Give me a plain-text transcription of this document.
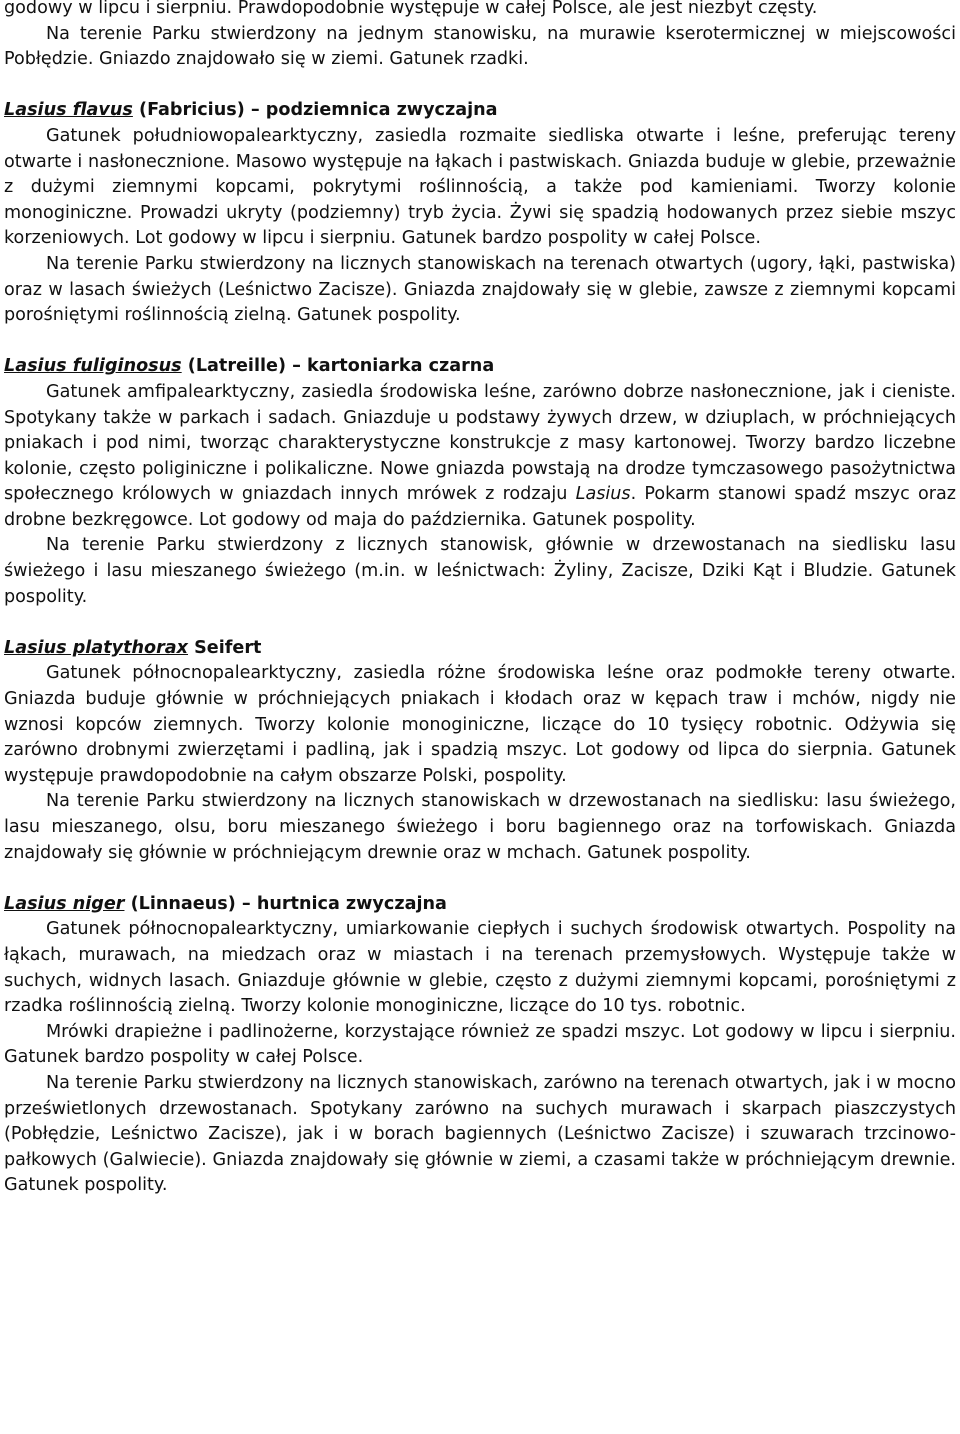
godowy w lipcu i sierpniu. Prawdopodobnie występuje w całej Polsce, ale jest niezbyt częsty.

Na terenie Parku stwierdzony na jednym stanowisku, na murawie kserotermicznej w miejscowości Pobłędzie. Gniazdo znajdowało się w ziemi. Gatunek rzadki.

Lasius flavus (Fabricius) – podziemnica zwyczajna

Gatunek południowopalearktyczny, zasiedla rozmaite siedliska otwarte i leśne, preferując tereny otwarte i nasłonecznione. Masowo występuje na łąkach i pastwiskach. Gniazda buduje w glebie, przeważnie z dużymi ziemnymi kopcami, pokrytymi roślinnością, a także pod kamieniami. Tworzy kolonie monoginiczne. Prowadzi ukryty (podziemny) tryb życia. Żywi się spadzią hodowanych przez siebie mszyc korzeniowych. Lot godowy w lipcu i sierpniu. Gatunek bardzo pospolity w całej Polsce.

Na terenie Parku stwierdzony na licznych stanowiskach na terenach otwartych (ugory, łąki, pastwiska) oraz w lasach świeżych (Leśnictwo Zacisze). Gniazda znajdowały się w glebie, zawsze z ziemnymi kopcami porośniętymi roślinnością zielną. Gatunek pospolity.

Lasius fuliginosus (Latreille) – kartoniarka czarna

Gatunek amfipalearktyczny, zasiedla środowiska leśne, zarówno dobrze nasłonecznione, jak i cieniste. Spotykany także w parkach i sadach. Gniazduje u podstawy żywych drzew, w dziuplach, w próchniejących pniakach i pod nimi, tworząc charakterystyczne konstrukcje z masy kartonowej. Tworzy bardzo liczebne kolonie, często poliginiczne i polikaliczne. Nowe gniazda powstają na drodze tymczasowego pasożytnictwa społecznego królowych w gniazdach innych mrówek z rodzaju Lasius. Pokarm stanowi spadź mszyc oraz drobne bezkręgowce. Lot godowy od maja do października. Gatunek pospolity.

Na terenie Parku stwierdzony z licznych stanowisk, głównie w drzewostanach na siedlisku lasu świeżego i lasu mieszanego świeżego (m.in. w leśnictwach: Żyliny, Zacisze, Dziki Kąt i Bludzie. Gatunek pospolity.

Lasius platythorax Seifert

Gatunek północnopalearktyczny, zasiedla różne środowiska leśne oraz podmokłe tereny otwarte. Gniazda buduje głównie w próchniejących pniakach i kłodach oraz w kępach traw i mchów, nigdy nie wznosi kopców ziemnych. Tworzy kolonie monoginiczne, liczące do 10 tysięcy robotnic. Odżywia się zarówno drobnymi zwierzętami i padliną, jak i spadzią mszyc. Lot godowy od lipca do sierpnia. Gatunek występuje prawdopodobnie na całym obszarze Polski, pospolity.

Na terenie Parku stwierdzony na licznych stanowiskach w drzewostanach na siedlisku: lasu świeżego, lasu mieszanego, olsu, boru mieszanego świeżego i boru bagiennego oraz na torfowiskach. Gniazda znajdowały się głównie w próchniejącym drewnie oraz w mchach. Gatunek pospolity.

Lasius niger (Linnaeus) – hurtnica zwyczajna

Gatunek północnopalearktyczny, umiarkowanie ciepłych i suchych środowisk otwartych. Pospolity na łąkach, murawach, na miedzach oraz w miastach i na terenach przemysłowych. Występuje także w suchych, widnych lasach. Gniazduje głównie w glebie, często z dużymi ziemnymi kopcami, porośniętymi z rzadka roślinnością zielną. Tworzy kolonie monoginiczne, liczące do 10 tys. robotnic.

Mrówki drapieżne i padlinożerne, korzystające również ze spadzi mszyc. Lot godowy w lipcu i sierpniu. Gatunek bardzo pospolity w całej Polsce.

Na terenie Parku stwierdzony na licznych stanowiskach, zarówno na terenach otwartych, jak i w mocno prześwietlonych drzewostanach. Spotykany zarówno na suchych murawach i skarpach piaszczystych (Pobłędzie, Leśnictwo Zacisze), jak i w borach bagiennych (Leśnictwo Zacisze) i szuwarach trzcinowo-pałkowych (Galwiecie). Gniazda znajdowały się głównie w ziemi, a czasami także w próchniejącym drewnie. Gatunek pospolity.
